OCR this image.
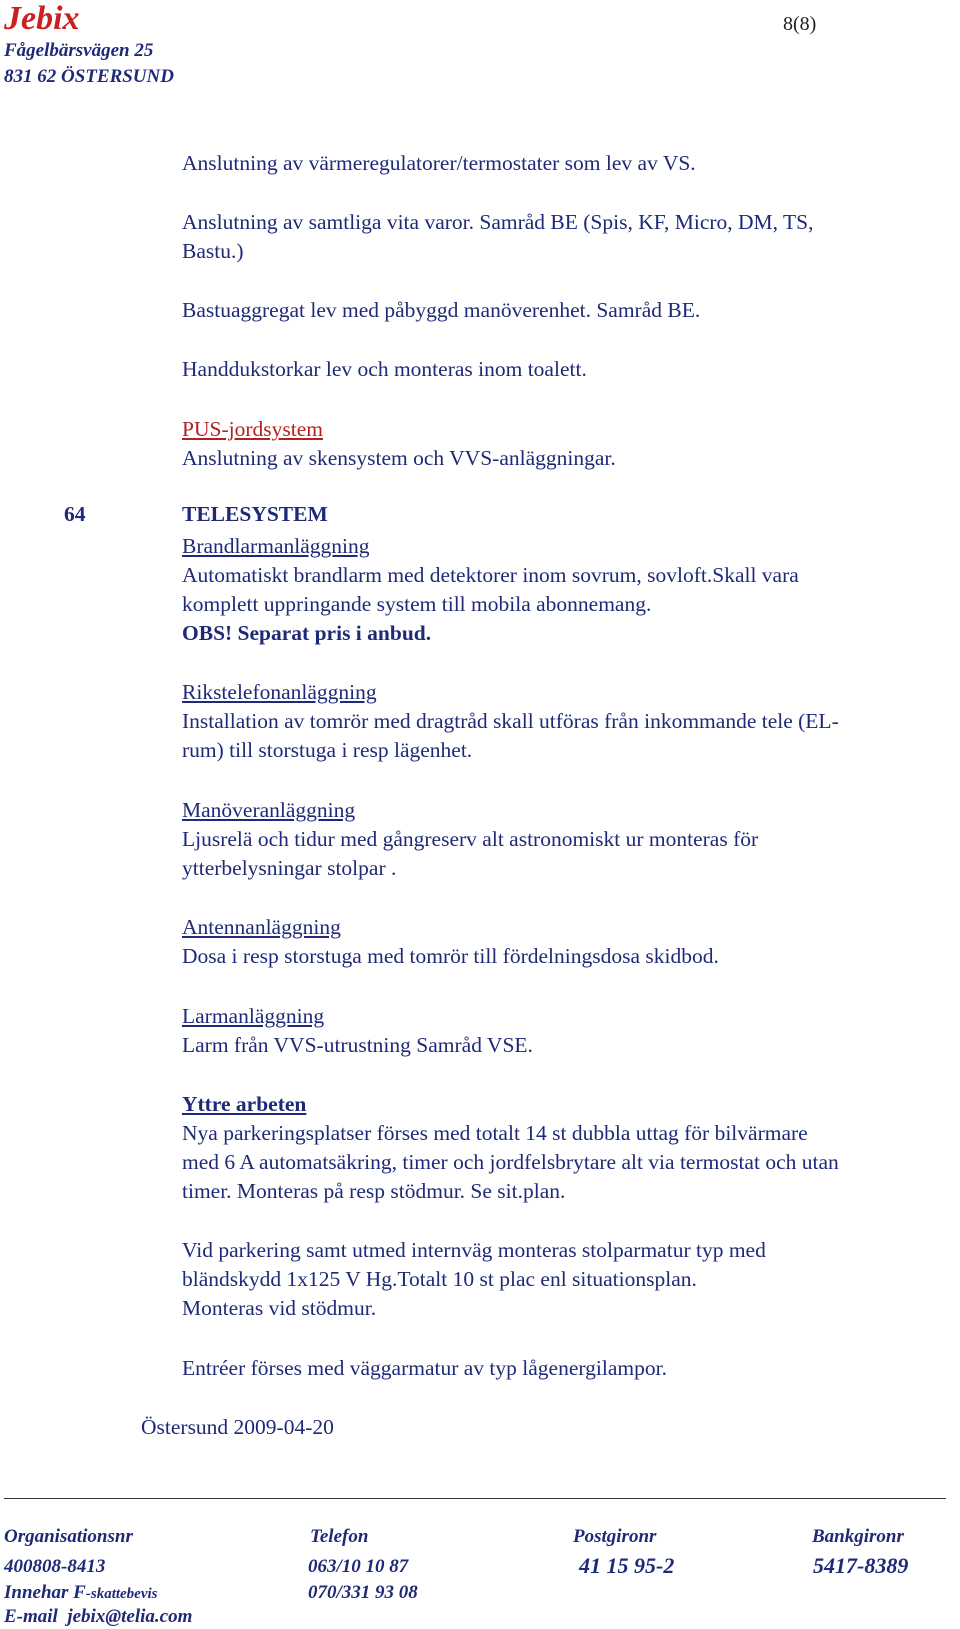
Jebix
Fågelbärsvägen 25
831 62 ÖSTERSUND
8(8)
Anslutning av värmeregulatorer/termostater som lev av VS.
Anslutning av samtliga vita varor. Samråd BE (Spis, KF, Micro, DM, TS,
Bastu.)
Bastuaggregat lev med påbyggd manöverenhet. Samråd BE.
Handdukstorkar lev och monteras inom toalett.
PUS-jordsystem
Anslutning av skensystem och VVS-anläggningar.
64	TELESYSTEM
Brandlarmanläggning
Automatiskt brandlarm med detektorer inom sovrum, sovloft.Skall vara
komplett uppringande system till mobila abonnemang.
OBS! Separat pris i anbud.
Rikstelefonanläggning
Installation av tomrör med dragtråd skall utföras från inkommande tele (EL-
rum) till storstuga i resp lägenhet.
Manöveranläggning
Ljusrelä och tidur med gångreserv alt astronomiskt ur monteras för
ytterbelysningar stolpar .
Antennanläggning
Dosa i resp storstuga med tomrör till fördelningsdosa skidbod.
Larmanläggning
Larm från VVS-utrustning Samråd VSE.
Yttre arbeten
Nya parkeringsplatser förses med totalt 14 st dubbla uttag för bilvärmare
med 6 A automatsäkring, timer och jordfelsbrytare alt via termostat och utan
timer. Monteras på resp stödmur. Se sit.plan.
Vid parkering samt utmed internväg monteras stolparmatur typ med
bländskydd 1x125 V Hg.Totalt 10 st plac enl situationsplan.
Monteras vid stödmur.
Entréer förses med väggarmatur av typ lågenergilampor.
Östersund 2009-04-20
Organisationsnr	Telefon	Postgironr	Bankgironr
400808-8413	063/10 10 87	41 15 95-2	5417-8389
Innehar F-skattebevis	070/331 93 08
E-mail jebix@telia.com
